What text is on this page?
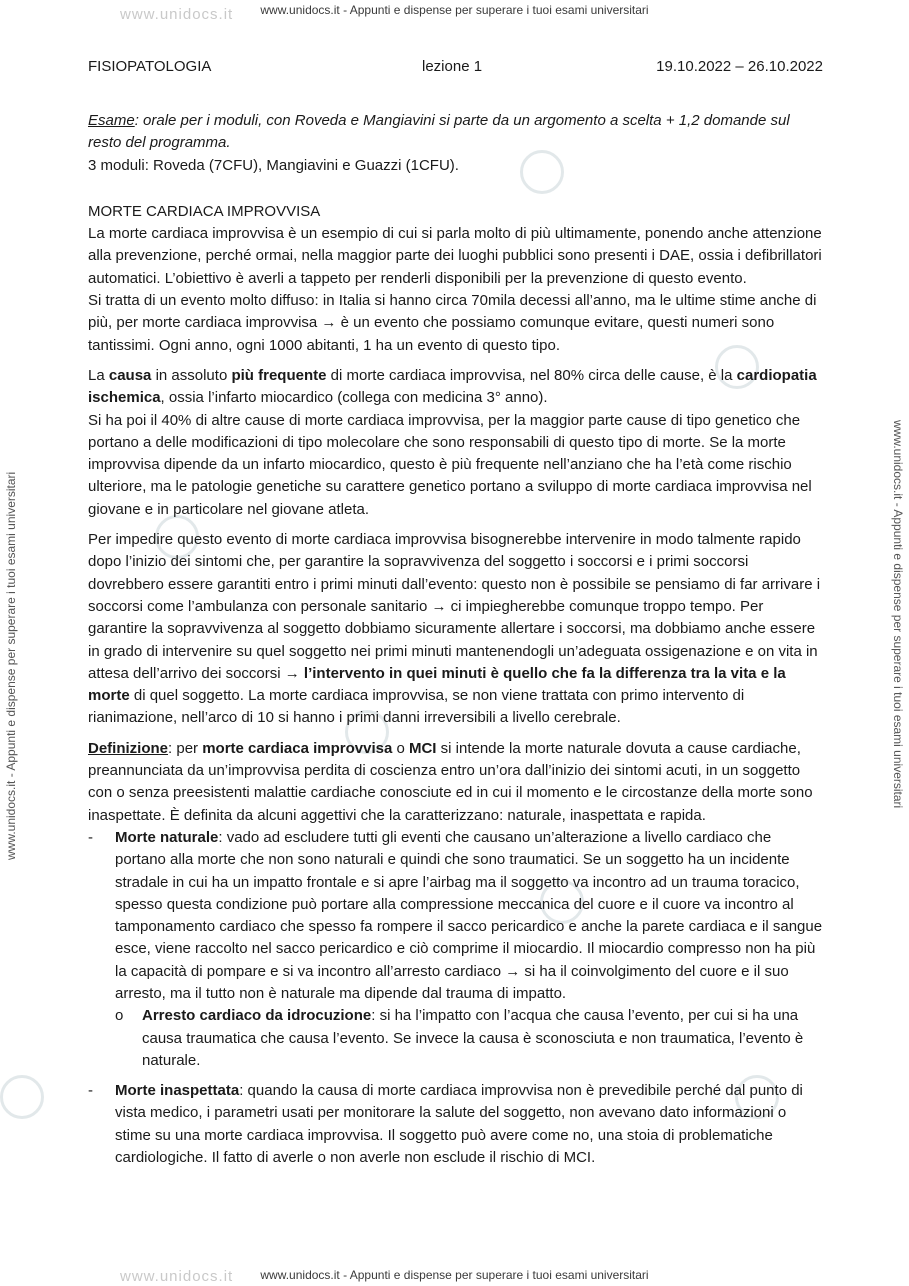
www.unidocs.it - Appunti e dispense per superare i tuoi esami universitari
www.unidocs.it - Appunti e dispense per superare i tuoi esami universitari
www.unidocs.it
www.unidocs.it
www.unidocs.it - Appunti e dispense per superare i tuoi esami universitari	www.unidocs.it - Appunti e dispense per superare i tuoi esami universitari
FISIOPATOLOGIA	lezione 1	19.10.2022 – 26.10.2022

Esame: orale per i moduli, con Roveda e Mangiavini si parte da un argomento a scelta + 1,2 domande sul resto del programma.

3 moduli: Roveda (7CFU), Mangiavini e Guazzi (1CFU).

MORTE CARDIACA IMPROVVISA

La morte cardiaca improvvisa è un esempio di cui si parla molto di più ultimamente, ponendo anche attenzione alla prevenzione, perché ormai, nella maggior parte dei luoghi pubblici sono presenti i DAE, ossia i defibrillatori automatici. L’obiettivo è averli a tappeto per renderli disponibili per la prevenzione di questo evento.

Si tratta di un evento molto diffuso: in Italia si hanno circa 70mila decessi all’anno, ma le ultime stime anche di più, per morte cardiaca improvvisa → è un evento che possiamo comunque evitare, questi numeri sono tantissimi. Ogni anno, ogni 1000 abitanti, 1 ha un evento di questo tipo.

La causa in assoluto più frequente di morte cardiaca improvvisa, nel 80% circa delle cause, è la cardiopatia ischemica, ossia l’infarto miocardico (collega con medicina 3° anno).

Si ha poi il 40% di altre cause di morte cardiaca improvvisa, per la maggior parte cause di tipo genetico che portano a delle modificazioni di tipo molecolare che sono responsabili di questo tipo di morte. Se la morte improvvisa dipende da un infarto miocardico, questo è più frequente nell’anziano che ha l’età come rischio ulteriore, ma le patologie genetiche su carattere genetico portano a sviluppo di morte cardiaca improvvisa nel giovane e in particolare nel giovane atleta.

Per impedire questo evento di morte cardiaca improvvisa bisognerebbe intervenire in modo talmente rapido dopo l’inizio dei sintomi che, per garantire la sopravvivenza del soggetto i soccorsi e i primi soccorsi dovrebbero essere garantiti entro i primi minuti dall’evento: questo non è possibile se pensiamo di far arrivare i soccorsi come l’ambulanza con personale sanitario → ci impiegherebbe comunque troppo tempo. Per garantire la sopravvivenza al soggetto dobbiamo sicuramente allertare i soccorsi, ma dobbiamo anche essere in grado di intervenire su quel soggetto nei primi minuti mantenendogli un’adeguata ossigenazione e on vita in attesa dell’arrivo dei soccorsi → l’intervento in quei minuti è quello che fa la differenza tra la vita e la morte di quel soggetto. La morte cardiaca improvvisa, se non viene trattata con primo intervento di rianimazione, nell’arco di 10 si hanno i primi danni irreversibili a livello cerebrale.

Definizione: per morte cardiaca improvvisa o MCI si intende la morte naturale dovuta a cause cardiache, preannunciata da un’improvvisa perdita di coscienza entro un’ora dall’inizio dei sintomi acuti, in un soggetto con o senza preesistenti malattie cardiache conosciute ed in cui il momento e le circostanze della morte sono inaspettate. È definita da alcuni aggettivi che la caratterizzano: naturale, inaspettata e rapida.

- Morte naturale: vado ad escludere tutti gli eventi che causano un’alterazione a livello cardiaco che portano alla morte che non sono naturali e quindi che sono traumatici. Se un soggetto ha un incidente stradale in cui ha un impatto frontale e si apre l’airbag ma il soggetto va incontro ad un trauma toracico, spesso questa condizione può portare alla compressione meccanica del cuore e il cuore va incontro al tamponamento cardiaco che spesso fa rompere il sacco pericardico e anche la parete cardiaca e il sangue esce, viene raccolto nel sacco pericardico e ciò comprime il miocardio. Il miocardio compresso non ha più la capacità di pompare e si va incontro all’arresto cardiaco → si ha il coinvolgimento del cuore e il suo arresto, ma il tutto non è naturale ma dipende dal trauma di impatto.
o Arresto cardiaco da idrocuzione: si ha l’impatto con l’acqua che causa l’evento, per cui si ha una causa traumatica che causa l’evento. Se invece la causa è sconosciuta e non traumatica, l’evento è naturale.
- Morte inaspettata: quando la causa di morte cardiaca improvvisa non è prevedibile perché dal punto di vista medico, i parametri usati per monitorare la salute del soggetto, non avevano dato informazioni o stime su una morte cardiaca improvvisa. Il soggetto può avere come no, una stoia di problematiche cardiologiche. Il fatto di averle o non averle non esclude il rischio di MCI.
